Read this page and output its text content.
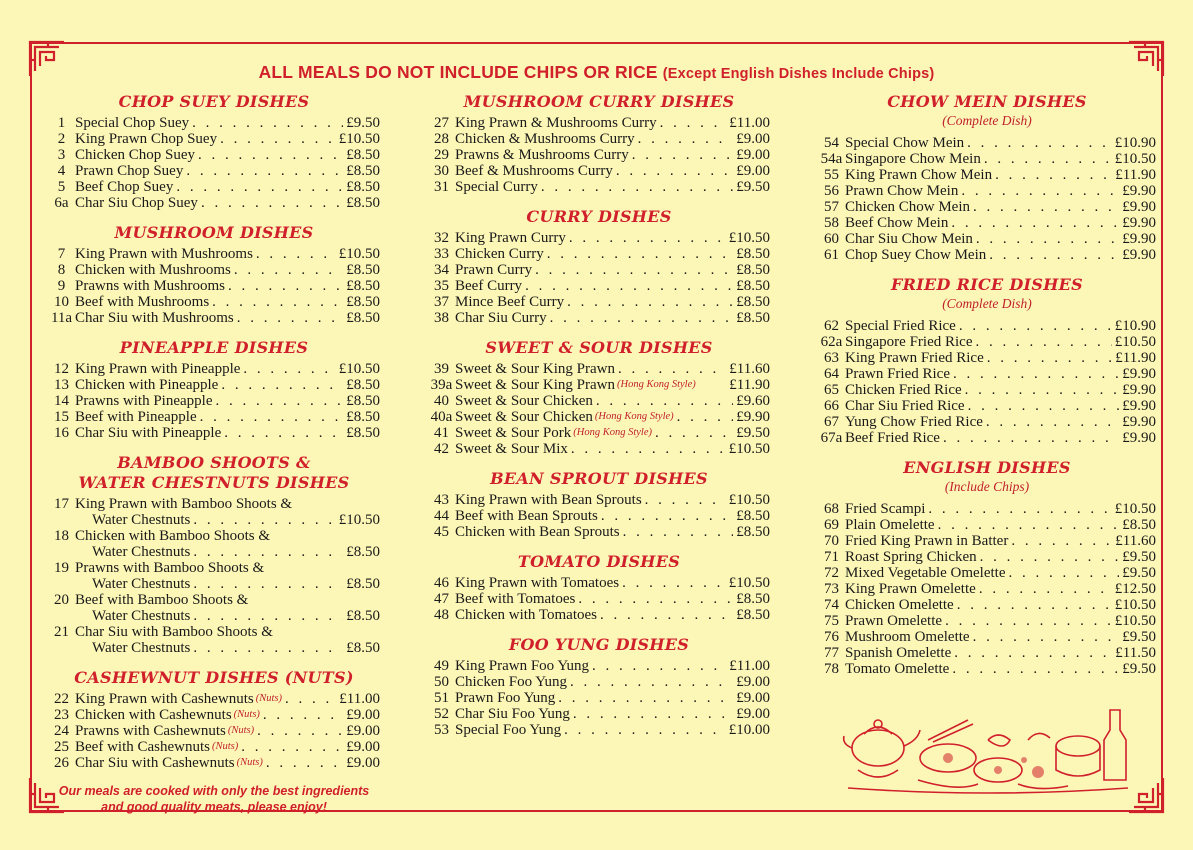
ALL MEALS DO NOT INCLUDE CHIPS OR RICE (Except English Dishes Include Chips)
CHOP SUEY DISHES
1 Special Chop Suey . . .	£9.50
2 King Prawn Chop Suey . . .	£10.50
3 Chicken Chop Suey . . .	£8.50
4 Prawn Chop Suey . . .	£8.50
5 Beef Chop Suey . . .	£8.50
6a Char Siu Chop Suey . . .	£8.50
MUSHROOM DISHES
7 King Prawn with Mushrooms . . .	£10.50
8 Chicken with Mushrooms . . .	£8.50
9 Prawns with Mushrooms . . .	£8.50
10 Beef with Mushrooms . . .	£8.50
11a Char Siu with Mushrooms . . .	£8.50
PINEAPPLE DISHES
12 King Prawn with Pineapple . . .	£10.50
13 Chicken with Pineapple . . .	£8.50
14 Prawns with Pineapple . . .	£8.50
15 Beef with Pineapple . . .	£8.50
16 Char Siu with Pineapple . . .	£8.50
BAMBOO SHOOTS &
WATER CHESTNUTS DISHES
17 King Prawn with Bamboo Shoots &
Water Chestnuts . . .	£10.50
18 Chicken with Bamboo Shoots &
Water Chestnuts . . .	£8.50
19 Prawns with Bamboo Shoots &
Water Chestnuts . . .	£8.50
20 Beef with Bamboo Shoots &
Water Chestnuts . . .	£8.50
21 Char Siu with Bamboo Shoots &
Water Chestnuts . . .	£8.50
CASHEWNUT DISHES (NUTS)
22 King Prawn with Cashewnuts (Nuts) . . .	£11.00
23 Chicken with Cashewnuts (Nuts) . . .	£9.00
24 Prawns with Cashewnuts (Nuts) . . .	£9.00
25 Beef with Cashewnuts (Nuts) . . .	£9.00
26 Char Siu with Cashewnuts (Nuts) . . .	£9.00
Our meals are cooked with only the best ingredients
and good quality meats, please enjoy!
MUSHROOM CURRY DISHES
27 King Prawn & Mushrooms Curry . . .	£11.00
28 Chicken & Mushrooms Curry . . .	£9.00
29 Prawns & Mushrooms Curry . . .	£9.00
30 Beef & Mushrooms Curry . . .	£9.00
31 Special Curry . . .	£9.50
CURRY DISHES
32 King Prawn Curry . . .	£10.50
33 Chicken Curry . . .	£8.50
34 Prawn Curry . . .	£8.50
35 Beef Curry . . .	£8.50
37 Mince Beef Curry . . .	£8.50
38 Char Siu Curry . . .	£8.50
SWEET & SOUR DISHES
39 Sweet & Sour King Prawn . . .	£11.60
39a Sweet & Sour King Prawn (Hong Kong Style) £11.90
40 Sweet & Sour Chicken . . .	£9.60
40a Sweet & Sour Chicken (Hong Kong Style) . . .	£9.90
41 Sweet & Sour Pork (Hong Kong Style) . . .	£9.50
42 Sweet & Sour Mix . . .	£10.50
BEAN SPROUT DISHES
43 King Prawn with Bean Sprouts . . .	£10.50
44 Beef with Bean Sprouts . . .	£8.50
45 Chicken with Bean Sprouts . . .	£8.50
TOMATO DISHES
46 King Prawn with Tomatoes . . .	£10.50
47 Beef with Tomatoes . . .	£8.50
48 Chicken with Tomatoes . . .	£8.50
FOO YUNG DISHES
49 King Prawn Foo Yung . . .	£11.00
50 Chicken Foo Yung . . .	£9.00
51 Prawn Foo Yung . . .	£9.00
52 Char Siu Foo Yung . . .	£9.00
53 Special Foo Yung . . .	£10.00
CHOW MEIN DISHES
(Complete Dish)
54 Special Chow Mein . . .	£10.90
54a Singapore Chow Mein . . .	£10.50
55 King Prawn Chow Mein . . .	£11.90
56 Prawn Chow Mein . . .	£9.90
57 Chicken Chow Mein . . .	£9.90
58 Beef Chow Mein . . .	£9.90
60 Char Siu Chow Mein . . .	£9.90
61 Chop Suey Chow Mein . . .	£9.90
FRIED RICE DISHES
(Complete Dish)
62 Special Fried Rice . . .	£10.90
62a Singapore Fried Rice . . .	£10.50
63 King Prawn Fried Rice . . .	£11.90
64 Prawn Fried Rice . . .	£9.90
65 Chicken Fried Rice . . .	£9.90
66 Char Siu Fried Rice . . .	£9.90
67 Yung Chow Fried Rice . . .	£9.90
67a Beef Fried Rice . . .	£9.90
ENGLISH DISHES
(Include Chips)
68 Fried Scampi . . .	£10.50
69 Plain Omelette . . .	£8.50
70 Fried King Prawn in Batter . . .	£11.60
71 Roast Spring Chicken . . .	£9.50
72 Mixed Vegetable Omelette . . .	£9.50
73 King Prawn Omelette . . .	£12.50
74 Chicken Omelette . . .	£10.50
75 Prawn Omelette . . .	£10.50
76 Mushroom Omelette . . .	£9.50
77 Spanish Omelette . . .	£11.50
78 Tomato Omelette . . .	£9.50
